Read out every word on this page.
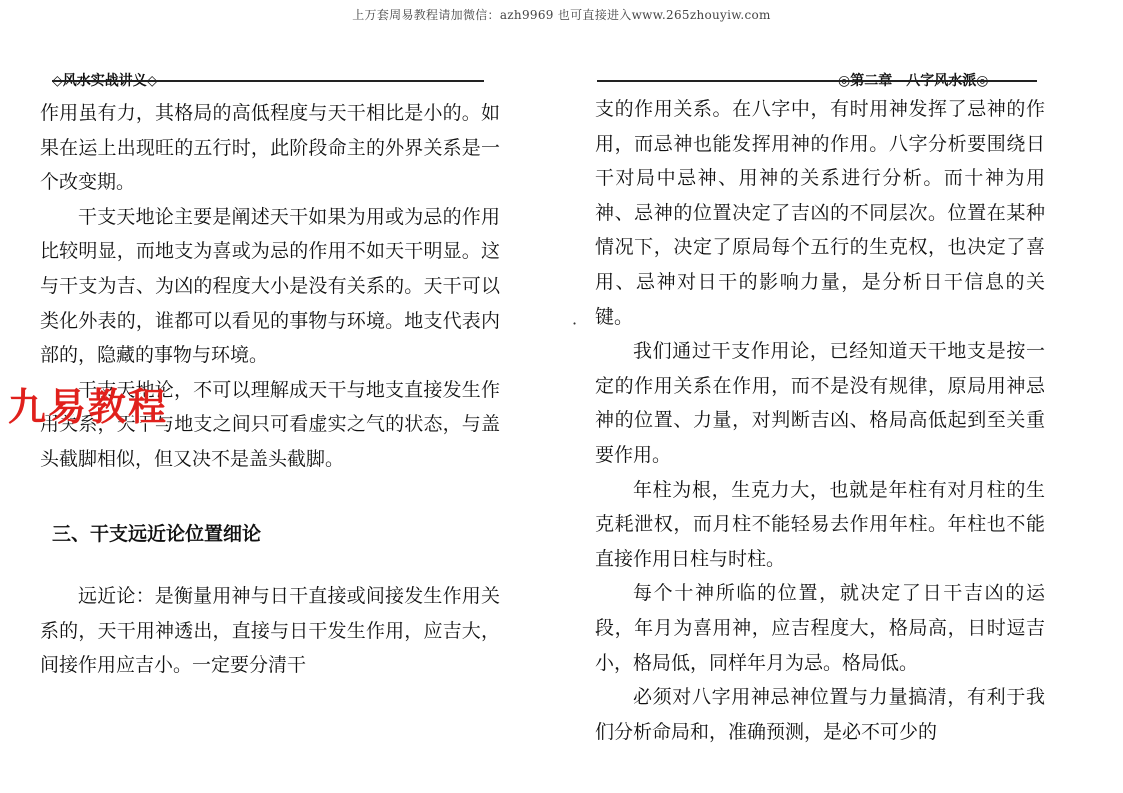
上万套周易教程请加微信：azh9969 也可直接进入www.265zhouyiw.com
◇风水实战讲义◇	◎第二章　八字风水派◎

作用虽有力，其格局的高低程度与天干相比是小的。如果在运上出现旺的五行时，此阶段命主的外界关系是一个改变期。

干支天地论主要是阐述天干如果为用或为忌的作用比较明显，而地支为喜或为忌的作用不如天干明显。这与干支为吉、为凶的程度大小是没有关系的。天干可以类化外表的，谁都可以看见的事物与环境。地支代表内部的，隐藏的事物与环境。

干支天地论，不可以理解成天干与地支直接发生作用关系，天干与地支之间只可看虚实之气的状态，与盖头截脚相似，但又决不是盖头截脚。

三、干支远近论位置细论

远近论：是衡量用神与日干直接或间接发生作用关系的，天干用神透出，直接与日干发生作用，应吉大，间接作用应吉小。一定要分清干

支的作用关系。在八字中，有时用神发挥了忌神的作用，而忌神也能发挥用神的作用。八字分析要围绕日干对局中忌神、用神的关系进行分析。而十神为用神、忌神的位置决定了吉凶的不同层次。位置在某种情况下，决定了原局每个五行的生克权，也决定了喜用、忌神对日干的影响力量，是分析日干信息的关键。

我们通过干支作用论，已经知道天干地支是按一定的作用关系在作用，而不是没有规律，原局用神忌神的位置、力量，对判断吉凶、格局高低起到至关重要作用。

年柱为根，生克力大，也就是年柱有对月柱的生克耗泄权，而月柱不能轻易去作用年柱。年柱也不能直接作用日柱与时柱。

每个十神所临的位置，就决定了日干吉凶的运段，年月为喜用神，应吉程度大，格局高，日时逗吉小，格局低，同样年月为忌。格局低。

必须对八字用神忌神位置与力量搞清，有利于我们分析命局和，准确预测，是必不可少的

·
九易教程
